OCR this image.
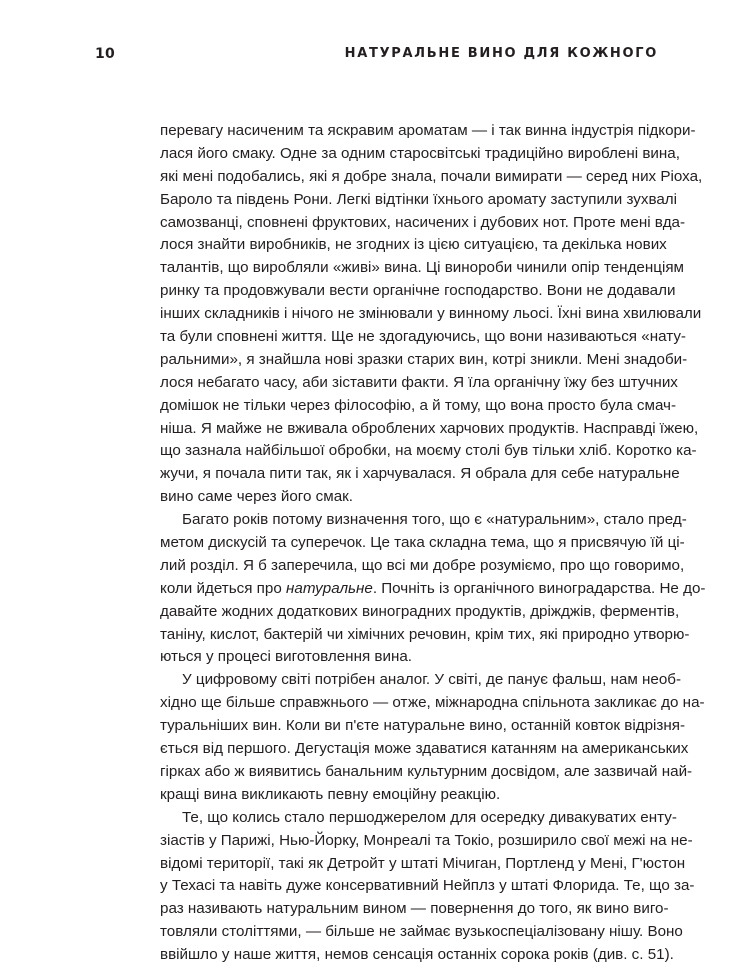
10	НАТУРАЛЬНЕ ВИНО ДЛЯ КОЖНОГО

перевагу насиченим та яскравим ароматам — і так винна індустрія підкори-
лася його смаку. Одне за одним старосвітські традиційно вироблені вина,
які мені подобались, які я добре знала, почали вимирати — серед них Ріоха,
Бароло та південь Рони. Легкі відтінки їхнього аромату заступили зухвалі
самозванці, сповнені фруктових, насичених і дубових нот. Проте мені вда-
лося знайти виробників, не згодних із цією ситуацією, та декілька нових
талантів, що виробляли «живі» вина. Ці винороби чинили опір тенденціям
ринку та продовжували вести органічне господарство. Вони не додавали
інших складників і нічого не змінювали у винному льосі. Їхні вина хвилювали
та були сповнені життя. Ще не здогадуючись, що вони називаються «нату-
ральними», я знайшла нові зразки старих вин, котрі зникли. Мені знадоби-
лося небагато часу, аби зіставити факти. Я їла органічну їжу без штучних
домішок не тільки через філософію, а й тому, що вона просто була смач-
ніша. Я майже не вживала оброблених харчових продуктів. Насправді їжею,
що зазнала найбільшої обробки, на моєму столі був тільки хліб. Коротко ка-
жучи, я почала пити так, як і харчувалася. Я обрала для себе натуральне
вино саме через його смак.

Багато років потому визначення того, що є «натуральним», стало пред-
метом дискусій та суперечок. Це така складна тема, що я присвячую їй ці-
лий розділ. Я б заперечила, що всі ми добре розуміємо, про що говоримо,
коли йдеться про натуральне. Почніть із органічного виноградарства. Не до-
давайте жодних додаткових виноградних продуктів, дріжджів, ферментів,
таніну, кислот, бактерій чи хімічних речовин, крім тих, які природно утворю-
ються у процесі виготовлення вина.

У цифровому світі потрібен аналог. У світі, де панує фальш, нам необ-
хідно ще більше справжнього — отже, міжнародна спільнота закликає до на-
туральніших вин. Коли ви п'єте натуральне вино, останній ковток відрізня-
ється від першого. Дегустація може здаватися катанням на американських
гірках або ж виявитись банальним культурним досвідом, але зазвичай най-
кращі вина викликають певну емоційну реакцію.

Те, що колись стало першоджерелом для осередку дивакуватих енту-
зіастів у Парижі, Нью-Йорку, Монреалі та Токіо, розширило свої межі на не-
відомі території, такі як Детройт у штаті Мічиган, Портленд у Мені, Г'юстон
у Техасі та навіть дуже консервативний Нейплз у штаті Флорида. Те, що за-
раз називають натуральним вином — повернення до того, як вино виго-
товляли століттями, — більше не займає вузькоспеціалізовану нішу. Воно
ввійшло у наше життя, немов сенсація останніх сорока років (див. с. 51).
